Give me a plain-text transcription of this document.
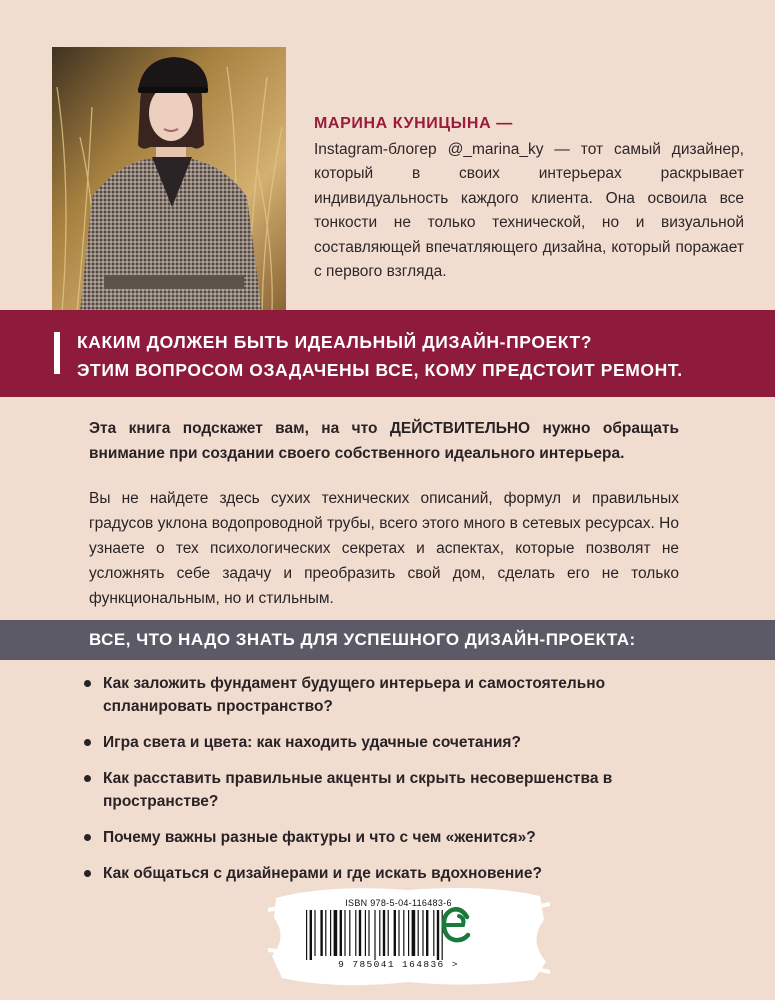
МАРИНА КУНИЦЫНА —
Instagram-блогер @_marina_ky — тот самый дизайнер, который в своих интерьерах раскрывает индивидуальность каждого клиента. Она освоила все тонкости не только технической, но и визуальной составляющей впечатляющего дизайна, который поражает с первого взгляда.
КАКИМ ДОЛЖЕН БЫТЬ ИДЕАЛЬНЫЙ ДИЗАЙН-ПРОЕКТ?
ЭТИМ ВОПРОСОМ ОЗАДАЧЕНЫ ВСЕ, КОМУ ПРЕДСТОИТ РЕМОНТ.
Эта книга подскажет вам, на что ДЕЙСТВИТЕЛЬНО нужно обращать внимание при создании своего собственного идеального интерьера.
Вы не найдете здесь сухих технических описаний, формул и правильных градусов уклона водопроводной трубы, всего этого много в сетевых ресурсах. Но узнаете о тех психологических секретах и аспектах, которые позволят не усложнять себе задачу и преобразить свой дом, сделать его не только функциональным, но и стильным.
ВСЕ, ЧТО НАДО ЗНАТЬ ДЛЯ УСПЕШНОГО ДИЗАЙН-ПРОЕКТА:
Как заложить фундамент будущего интерьера и самостоятельно спланировать пространство?
Игра света и цвета: как находить удачные сочетания?
Как расставить правильные акценты и скрыть несовершенства в пространстве?
Почему важны разные фактуры и что с чем «женится»?
Как общаться с дизайнерами и где искать вдохновение?
ISBN 978-5-04-116483-6
9 785041 164836 >
